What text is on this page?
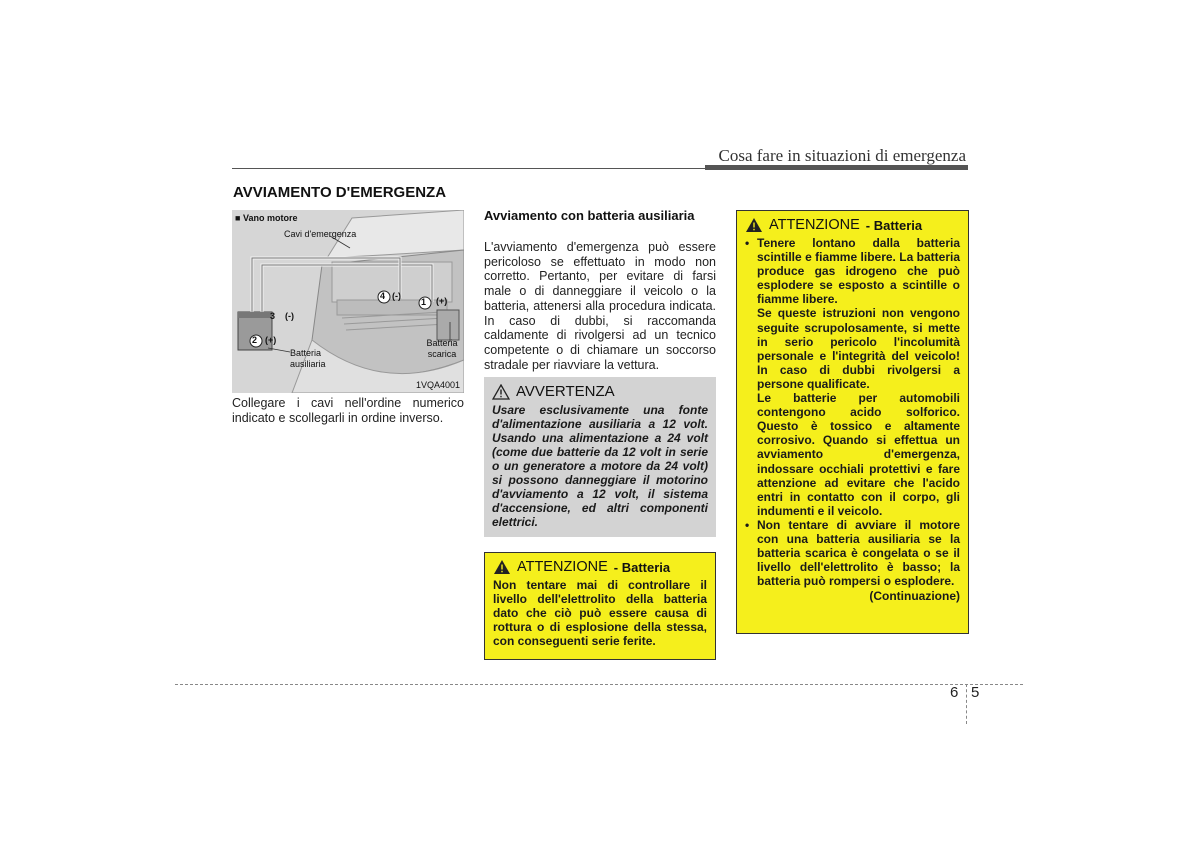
Cosa fare in situazioni di emergenza
AVVIAMENTO D'EMERGENZA
■ Vano motore
Cavi d'emergenza
1 (+)
4 (-)
3 (-)
2 (+)
Batteria ausiliaria
Batteria scarica
1VQA4001
Collegare i cavi nell'ordine numerico indicato e scollegarli in ordine inverso.
Avviamento con batteria ausiliaria
L'avviamento d'emergenza può essere pericoloso se effettuato in modo non corretto. Pertanto, per evitare di farsi male o di danneggiare il veicolo o la batteria, attenersi alla procedura indicata. In caso di dubbi, si raccomanda caldamente di rivolgersi ad un tecnico competente o di chiamare un soccorso stradale per riavviare la vettura.
AVVERTENZA
Usare esclusivamente una fonte d'alimentazione ausiliaria a 12 volt. Usando una alimentazione a 24 volt (come due batterie da 12 volt in serie o un generatore a motore da 24 volt) si possono danneggiare il motorino d'avviamento a 12 volt, il sistema d'accensione, ed altri componenti elettrici.
ATTENZIONE - Batteria
Non tentare mai di controllare il livello dell'elettrolito della batteria dato che ciò può essere causa di rottura o di esplosione della stessa, con conseguenti serie ferite.
ATTENZIONE - Batteria
• Tenere lontano dalla batteria scintille e fiamme libere. La batteria produce gas idrogeno che può esplodere se esposto a scintille o fiamme libere.
Se queste istruzioni non vengono seguite scrupolosamente, si mette in serio pericolo l'incolumità personale e l'integrità del veicolo! In caso di dubbi rivolgersi a persone qualificate.
Le batterie per automobili contengono acido solforico. Questo è tossico e altamente corrosivo. Quando si effettua un avviamento d'emergenza, indossare occhiali protettivi e fare attenzione ad evitare che l'acido entri in contatto con il corpo, gli indumenti e il veicolo.
• Non tentare di avviare il motore con una batteria ausiliaria se la batteria scarica è congelata o se il livello dell'elettrolito è basso; la batteria può rompersi o esplodere.
(Continuazione)
6 5
